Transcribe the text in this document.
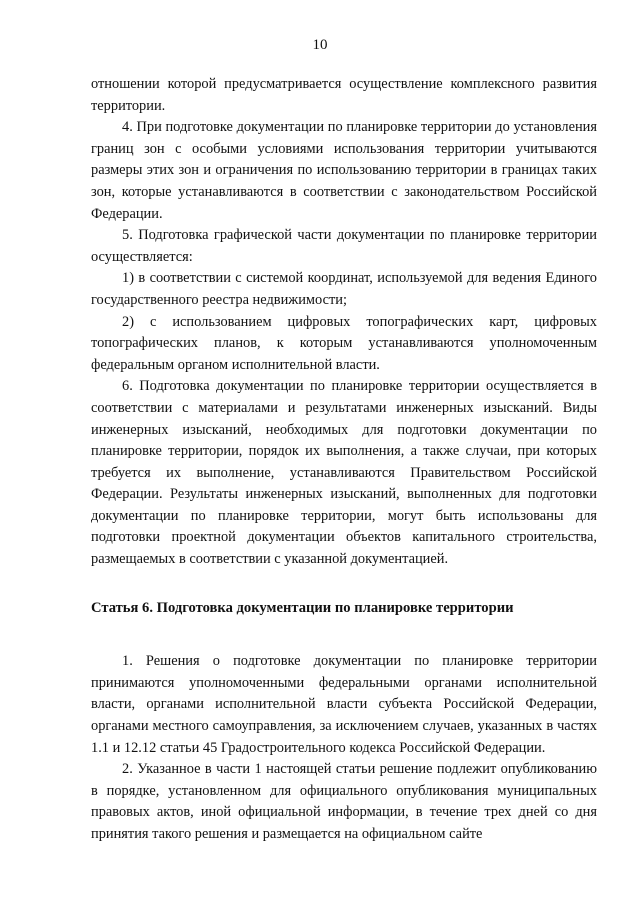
10

отношении которой предусматривается осуществление комплексного развития территории.

4. При подготовке документации по планировке территории до установления границ зон с особыми условиями использования территории учитываются размеры этих зон и ограничения по использованию территории в границах таких зон, которые устанавливаются в соответствии с законодательством Российской Федерации.

5. Подготовка графической части документации по планировке территории осуществляется:

1) в соответствии с системой координат, используемой для ведения Единого государственного реестра недвижимости;

2) с использованием цифровых топографических карт, цифровых топографических планов, к которым устанавливаются уполномоченным федеральным органом исполнительной власти.

6. Подготовка документации по планировке территории осуществляется в соответствии с материалами и результатами инженерных изысканий. Виды инженерных изысканий, необходимых для подготовки документации по планировке территории, порядок их выполнения, а также случаи, при которых требуется их выполнение, устанавливаются Правительством Российской Федерации. Результаты инженерных изысканий, выполненных для подготовки документации по планировке территории, могут быть использованы для подготовки проектной документации объектов капитального строительства, размещаемых в соответствии с указанной документацией.

Статья 6. Подготовка документации по планировке территории

1. Решения о подготовке документации по планировке территории принимаются уполномоченными федеральными органами исполнительной власти, органами исполнительной власти субъекта Российской Федерации, органами местного самоуправления, за исключением случаев, указанных в частях 1.1 и 12.12 статьи 45 Градостроительного кодекса Российской Федерации.

2. Указанное в части 1 настоящей статьи решение подлежит опубликованию в порядке, установленном для официального опубликования муниципальных правовых актов, иной официальной информации, в течение трех дней со дня принятия такого решения и размещается на официальном сайте
